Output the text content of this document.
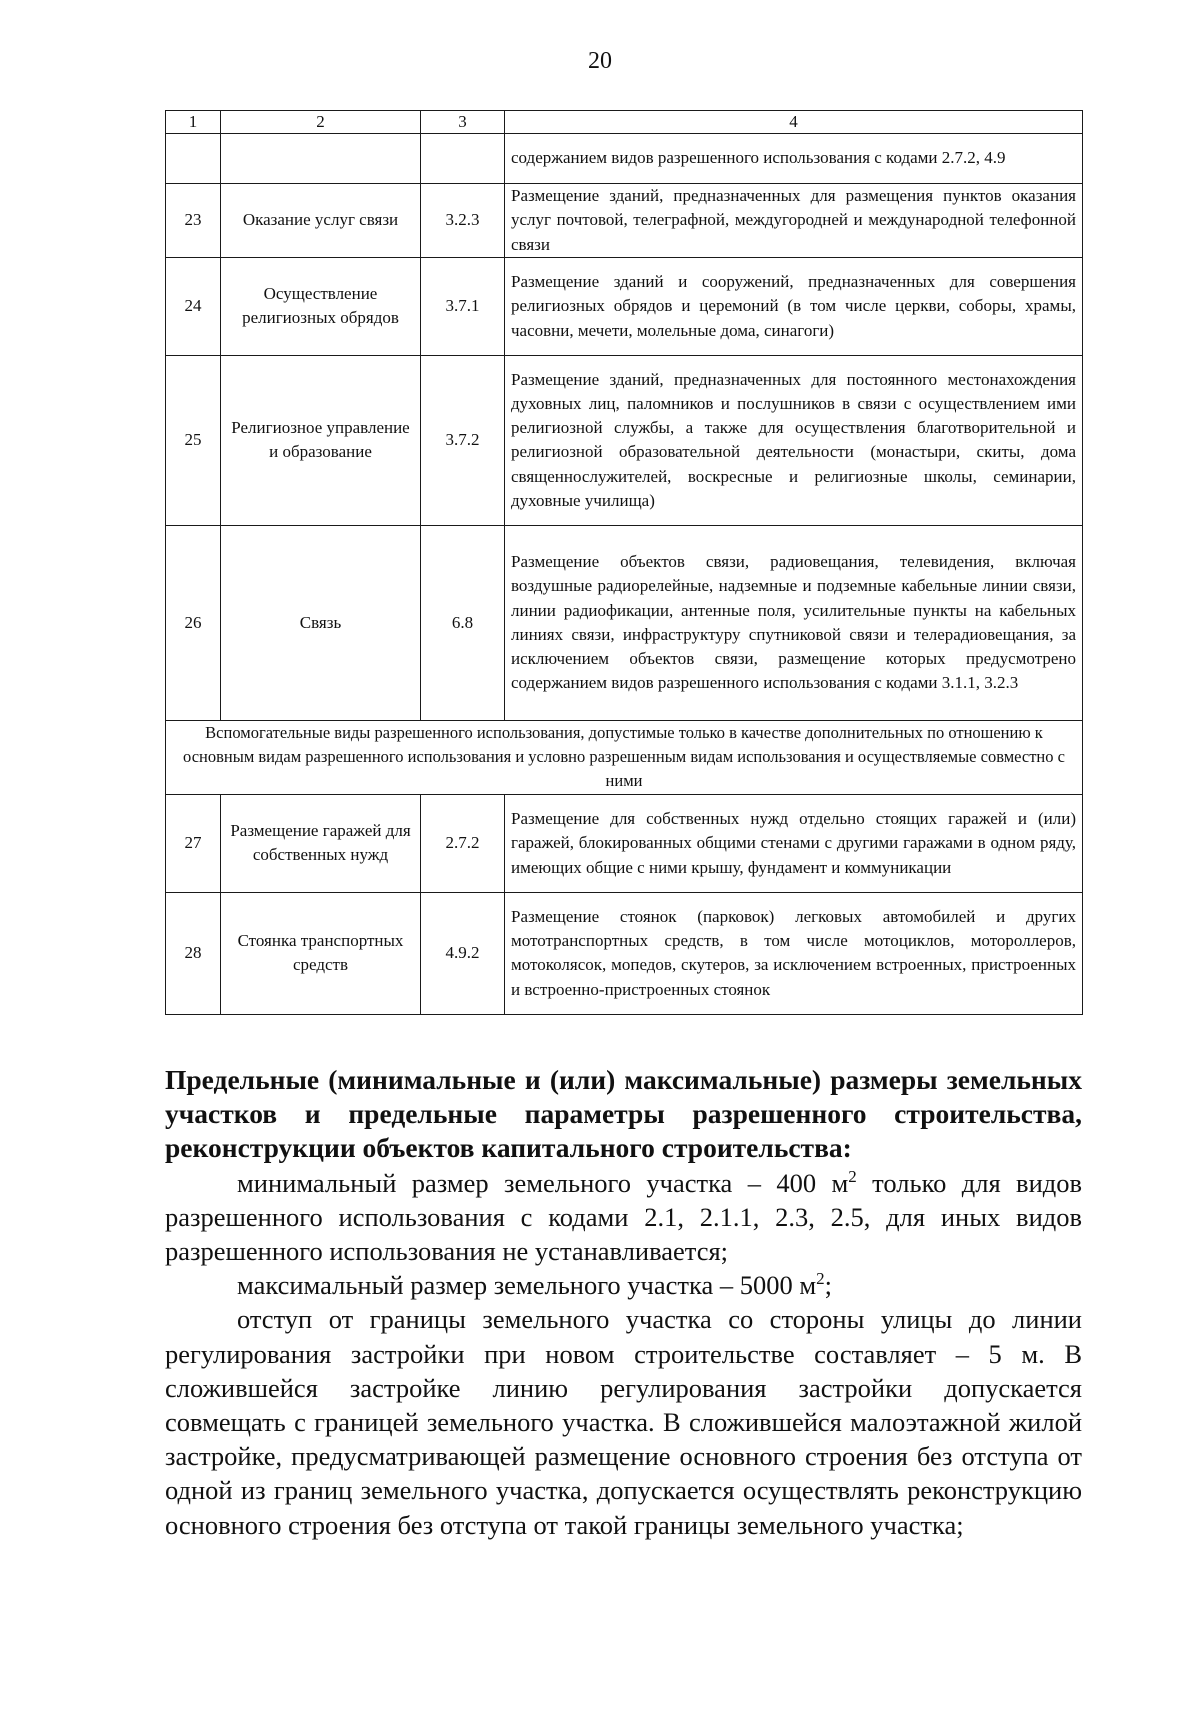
20
1	2	3	4
			содержанием видов разрешенного использования с кодами 2.7.2, 4.9
23	Оказание услуг связи	3.2.3	Размещение зданий, предназначенных для размещения пунктов оказания услуг почтовой, телеграфной, междугородней и международной телефонной связи
24	Осуществление религиозных обрядов	3.7.1	Размещение зданий и сооружений, предназначенных для совершения религиозных обрядов и церемоний (в том числе церкви, соборы, храмы, часовни, мечети, молельные дома, синагоги)
25	Религиозное управление и образование	3.7.2	Размещение зданий, предназначенных для постоянного местонахождения духовных лиц, паломников и послушников в связи с осуществлением ими религиозной службы, а также для осуществления благотворительной и религиозной образовательной деятельности (монастыри, скиты, дома священнослужителей, воскресные и религиозные школы, семинарии, духовные училища)
26	Связь	6.8	Размещение объектов связи, радиовещания, телевидения, включая воздушные радиорелейные, надземные и подземные кабельные линии связи, линии радиофикации, антенные поля, усилительные пункты на кабельных линиях связи, инфраструктуру спутниковой связи и телерадиовещания, за исключением объектов связи, размещение которых предусмотрено содержанием видов разрешенного использования с кодами 3.1.1, 3.2.3
Вспомогательные виды разрешенного использования, допустимые только в качестве дополнительных по отношению к основным видам разрешенного использования и условно разрешенным видам использования и осуществляемые совместно с ними			
27	Размещение гаражей для собственных нужд	2.7.2	Размещение для собственных нужд отдельно стоящих гаражей и (или) гаражей, блокированных общими стенами с другими гаражами в одном ряду, имеющих общие с ними крышу, фундамент и коммуникации
28	Стоянка транспортных средств	4.9.2	Размещение стоянок (парковок) легковых автомобилей и других мототранспортных средств, в том числе мотоциклов, мотороллеров, мотоколясок, мопедов, скутеров, за исключением встроенных, пристроенных и встроенно-пристроенных стоянок

Предельные (минимальные и (или) максимальные) размеры земельных участков и предельные параметры разрешенного строительства, реконструкции объектов капитального строительства:

минимальный размер земельного участка – 400 $м^2$ только для видов разрешенного использования с кодами 2.1, 2.1.1, 2.3, 2.5, для иных видов разрешенного использования не устанавливается;

максимальный размер земельного участка – 5000 $м^2$;

отступ от границы земельного участка со стороны улицы до линии регулирования застройки при новом строительстве составляет – 5 м. В сложившейся застройке линию регулирования застройки допускается совмещать с границей земельного участка. В сложившейся малоэтажной жилой застройке, предусматривающей размещение основного строения без отступа от одной из границ земельного участка, допускается осуществлять реконструкцию основного строения без отступа от такой границы земельного участка;
